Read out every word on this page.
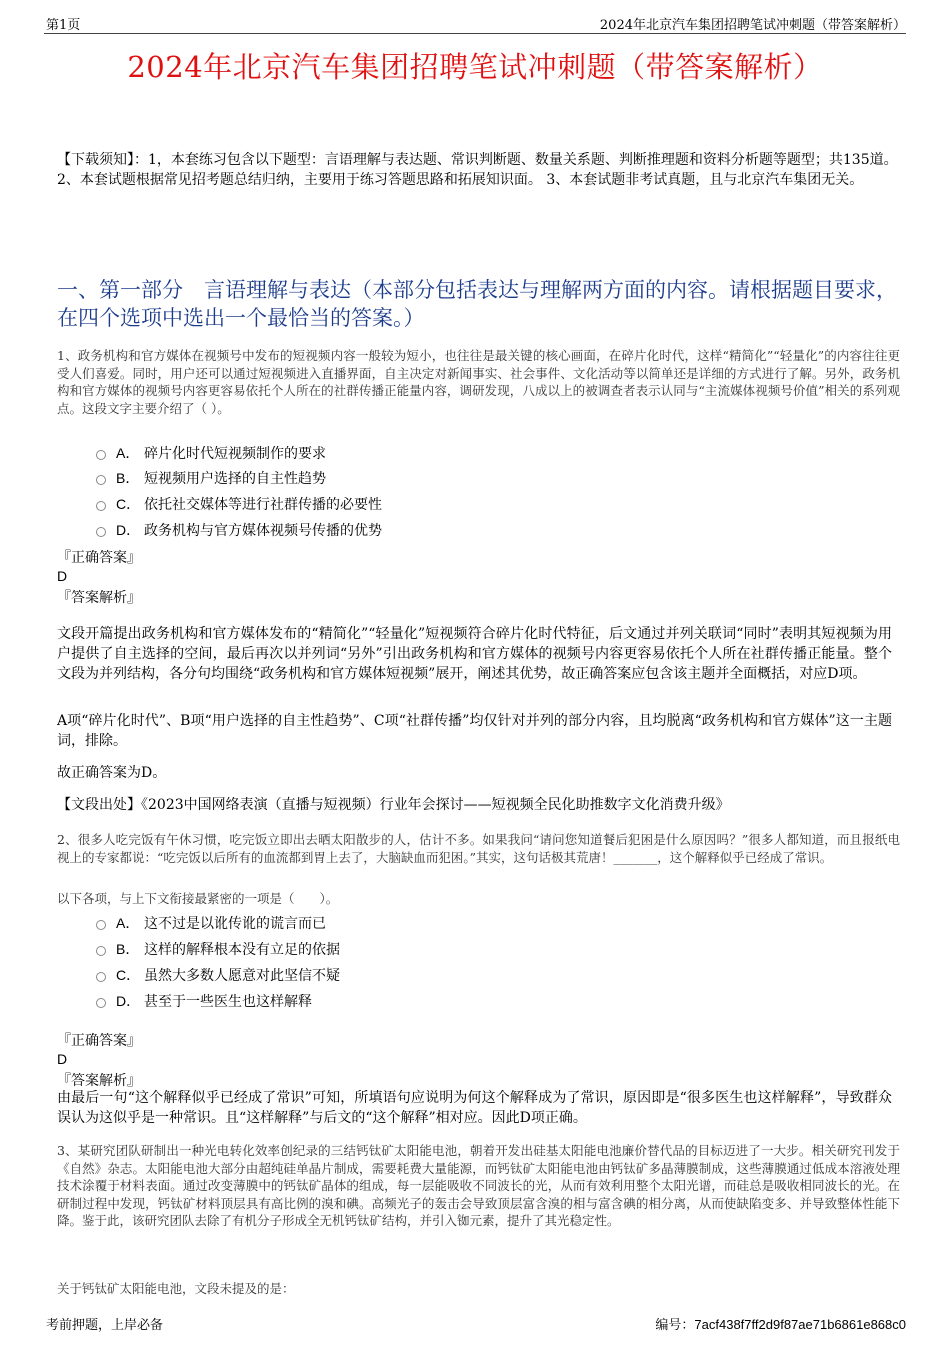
第1页	2024年北京汽车集团招聘笔试冲刺题（带答案解析）
2024年北京汽车集团招聘笔试冲刺题（带答案解析）
【下载须知】：1，本套练习包含以下题型：言语理解与表达题、常识判断题、数量关系题、判断推理题和资料分析题等题型；共135道。 2、本套试题根据常见招考题总结归纳，主要用于练习答题思路和拓展知识面。 3、本套试题非考试真题，且与北京汽车集团无关。
一、第一部分　言语理解与表达（本部分包括表达与理解两方面的内容。请根据题目要求，在四个选项中选出一个最恰当的答案。）
1、政务机构和官方媒体在视频号中发布的短视频内容一般较为短小，也往往是最关键的核心画面，在碎片化时代，这样“精简化”“轻量化”的内容往往更受人们喜爱。同时，用户还可以通过短视频进入直播界面，自主决定对新闻事实、社会事件、文化活动等以简单还是详细的方式进行了解。另外，政务机构和官方媒体的视频号内容更容易依托个人所在的社群传播正能量内容，调研发现，八成以上的被调查者表示认同与“主流媒体视频号价值”相关的系列观点。这段文字主要介绍了（ ）。
A． 碎片化时代短视频制作的要求
B． 短视频用户选择的自主性趋势
C． 依托社交媒体等进行社群传播的必要性
D． 政务机构与官方媒体视频号传播的优势
『正确答案』
D
『答案解析』
文段开篇提出政务机构和官方媒体发布的“精简化”“轻量化”短视频符合碎片化时代特征，后文通过并列关联词“同时”表明其短视频为用户提供了自主选择的空间，最后再次以并列词“另外”引出政务机构和官方媒体的视频号内容更容易依托个人所在社群传播正能量。整个文段为并列结构，各分句均围绕“政务机构和官方媒体短视频”展开，阐述其优势，故正确答案应包含该主题并全面概括，对应D项。
A项“碎片化时代”、B项“用户选择的自主性趋势”、C项“社群传播”均仅针对并列的部分内容，且均脱离“政务机构和官方媒体”这一主题词，排除。
故正确答案为D。
【文段出处】《2023中国网络表演（直播与短视频）行业年会探讨——短视频全民化助推数字文化消费升级》
2、很多人吃完饭有午休习惯，吃完饭立即出去晒太阳散步的人，估计不多。如果我问“请问您知道餐后犯困是什么原因吗？”很多人都知道，而且报纸电视上的专家都说：“吃完饭以后所有的血流都到胃上去了，大脑缺血而犯困。”其实，这句话极其荒唐！_______，这个解释似乎已经成了常识。
以下各项，与上下文衔接最紧密的一项是（　　）。
A． 这不过是以讹传讹的谎言而已
B． 这样的解释根本没有立足的依据
C． 虽然大多数人愿意对此坚信不疑
D． 甚至于一些医生也这样解释
『正确答案』
D
『答案解析』
由最后一句“这个解释似乎已经成了常识”可知，所填语句应说明为何这个解释成为了常识，原因即是“很多医生也这样解释”，导致群众误认为这似乎是一种常识。且“这样解释”与后文的“这个解释”相对应。因此D项正确。
3、某研究团队研制出一种光电转化效率创纪录的三结钙钛矿太阳能电池，朝着开发出硅基太阳能电池廉价替代品的目标迈进了一大步。相关研究刊发于《自然》杂志。太阳能电池大部分由超纯硅单晶片制成，需要耗费大量能源，而钙钛矿太阳能电池由钙钛矿多晶薄膜制成，这些薄膜通过低成本溶液处理技术涂覆于材料表面。通过改变薄膜中的钙钛矿晶体的组成，每一层能吸收不同波长的光，从而有效利用整个太阳光谱，而硅总是吸收相同波长的光。在研制过程中发现，钙钛矿材料顶层具有高比例的溴和碘。高频光子的轰击会导致顶层富含溴的相与富含碘的相分离，从而使缺陷变多、并导致整体性能下降。鉴于此，该研究团队去除了有机分子形成全无机钙钛矿结构，并引入铷元素，提升了其光稳定性。
关于钙钛矿太阳能电池，文段未提及的是：
考前押题，上岸必备	编号：7acf438f7ff2d9f87ae71b6861e868c0
